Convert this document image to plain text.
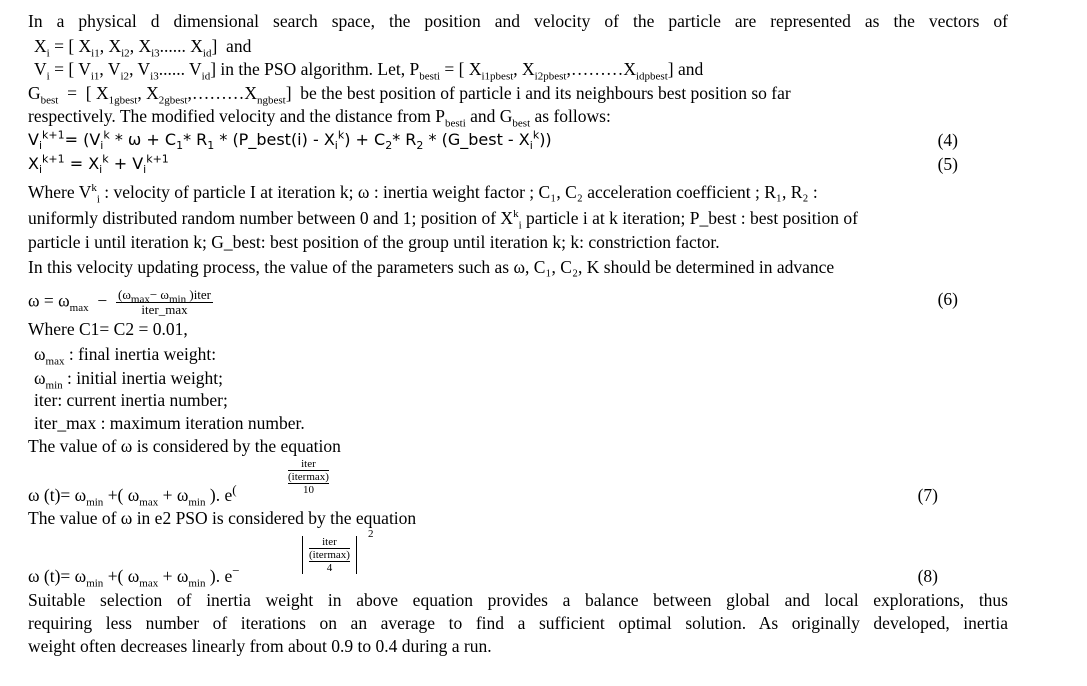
In a physical d dimensional search space, the position and velocity of the particle are represented as the vectors of
$X_i$ = [ $X_{i1}$, $X_{i2}$, $X_{i3}$...... $X_{id}$]  and
$V_i$ = [ $V_{i1}$, $V_{i2}$, $V_{i3}$...... $V_{id}$] in the PSO algorithm. Let, $P_{besti}$ = [ $X_{i1pbest}$, $X_{i2pbest},\dots\dots\dots X_{idpbest}$] and
$G_{best}$  =  [ $X_{1gbest}$, $X_{2gbest},\dots\dots\dots X_{ngbest}$]  be the best position of particle i and its neighbours best position so far
respectively. The modified velocity and the distance from $P_{besti}$ and $G_{best}$ as follows:
$V_i^{k+1}= (V_i^k * \omega + C_1*$ $R_1$ * (P_best(i) - $X_i^k) + C_2*$ $R_2$ * (G_best - $X_i^k$))	(4)
$X_i^{k+1} = X_i^k + V_i^{k+1}$	(5)
Where $V^k_i$ : velocity of particle I at iteration k; ω : inertia weight factor ; C₁, C₂ acceleration coefficient ; R₁, R₂ :
uniformly distributed random number between 0 and 1; position of $X^k_i$ particle i at k iteration; P_best : best position of
particle i until iteration k; G_best: best position of the group until iteration k; k: constriction factor.
In this velocity updating process, the value of the parameters such as ω, C₁, C₂, K should be determined in advance
$\omega = \omega_{max} - \frac{(\omega_{max}- \omega_{min} )iter}{\text{iter\_max}}$	(6)
Where C1= C2 = 0.01,
$\omega_{max}$ : final inertia weight:
$\omega_{min}$ : initial inertia weight;
iter: current inertia number;
iter_max : maximum iteration number.
The value of ω is considered by the equation
iter
(itermax)
10
ω $(t)= \omega_{min}$ +( $\omega_{max} + \omega_{min}$ ). e(	(7)
The value of ω in e2 PSO is considered by the equation
iter
(itermax)
4
2
ω $(t)= \omega_{min}$ +( $\omega_{max} + \omega_{min}$ ). e−	(8)
Suitable selection of inertia weight in above equation provides a balance between global and local explorations, thus
requiring less number of iterations on an average to find a sufficient optimal solution. As originally developed, inertia
weight often decreases linearly from about 0.9 to 0.4 during a run.
